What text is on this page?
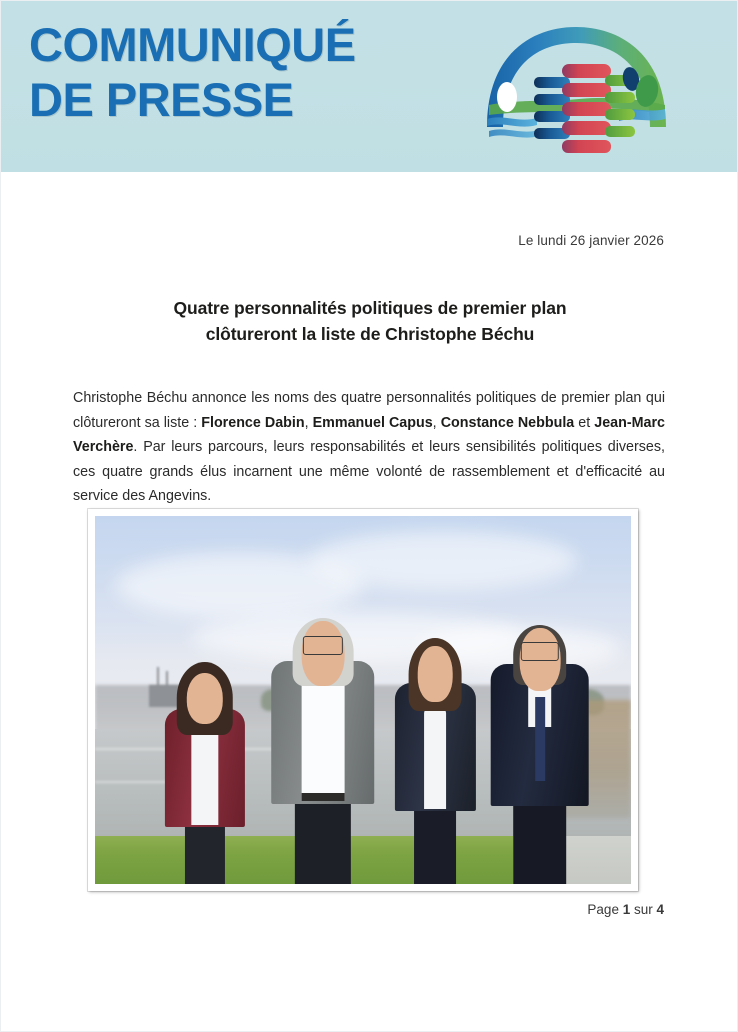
COMMUNIQUÉ
DE PRESSE
Le lundi 26 janvier 2026
Quatre personnalités politiques de premier plan
clôtureront la liste de Christophe Béchu

Christophe Béchu annonce les noms des quatre personnalités politiques de premier plan qui clôtureront sa liste : Florence Dabin, Emmanuel Capus, Constance Nebbula et Jean-Marc Verchère. Par leurs parcours, leurs responsabilités et leurs sensibilités politiques diverses, ces quatre grands élus incarnent une même volonté de rassemblement et d'efficacité au service des Angevins.

Page 1 sur 4
